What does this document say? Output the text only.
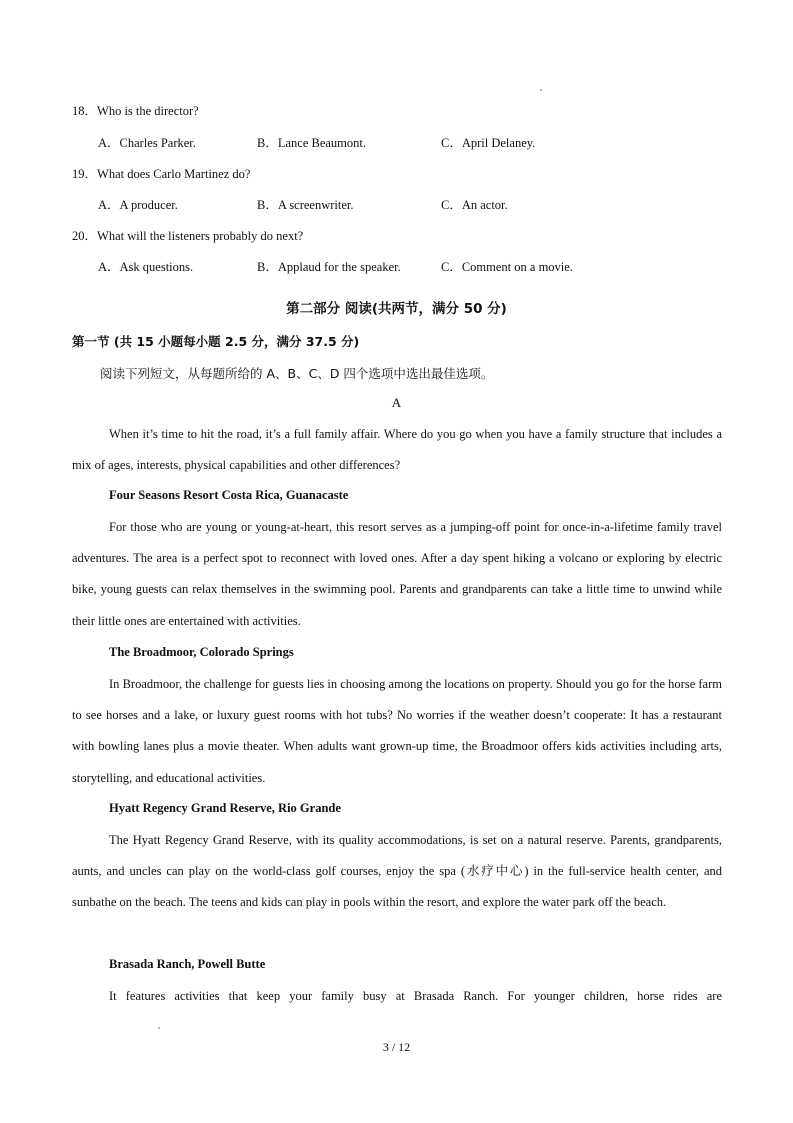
18．Who is the director?
A．Charles Parker.	B．Lance Beaumont.	C．April Delaney.
19．What does Carlo Martinez do?
A．A producer.	B．A screenwriter.	C．An actor.
20．What will the listeners probably do next?
A．Ask questions.	B．Applaud for the speaker.	C．Comment on a movie.
第二部分 阅读(共两节，满分 50 分)
第一节 (共 15 小题每小题 2.5 分，满分 37.5 分)
阅读下列短文，从每题所给的 A、B、C、D 四个选项中选出最佳选项。
A

When it’s time to hit the road, it’s a full family affair. Where do you go when you have a family structure that includes a mix of ages, interests, physical capabilities and other differences?

Four Seasons Resort Costa Rica, Guanacaste

For those who are young or young-at-heart, this resort serves as a jumping-off point for once-in-a-lifetime family travel adventures. The area is a perfect spot to reconnect with loved ones. After a day spent hiking a volcano or exploring by electric bike, young guests can relax themselves in the swimming pool. Parents and grandparents can take a little time to unwind while their little ones are entertained with activities.

The Broadmoor, Colorado Springs

In Broadmoor, the challenge for guests lies in choosing among the locations on property. Should you go for the horse farm to see horses and a lake, or luxury guest rooms with hot tubs? No worries if the weather doesn’t cooperate: It has a restaurant with bowling lanes plus a movie theater. When adults want grown-up time, the Broadmoor offers kids activities including arts, storytelling, and educational activities.

Hyatt Regency Grand Reserve, Rio Grande

The Hyatt Regency Grand Reserve, with its quality accommodations, is set on a natural reserve. Parents, grandparents, aunts, and uncles can play on the world-class golf courses, enjoy the spa (水疗中心) in the full-service health center, and sunbathe on the beach. The teens and kids can play in pools within the resort, and explore the water park off the beach.

Brasada Ranch, Powell Butte

It features activities that keep your family busy at Brasada Ranch. For younger children, horse rides are

3 / 12
